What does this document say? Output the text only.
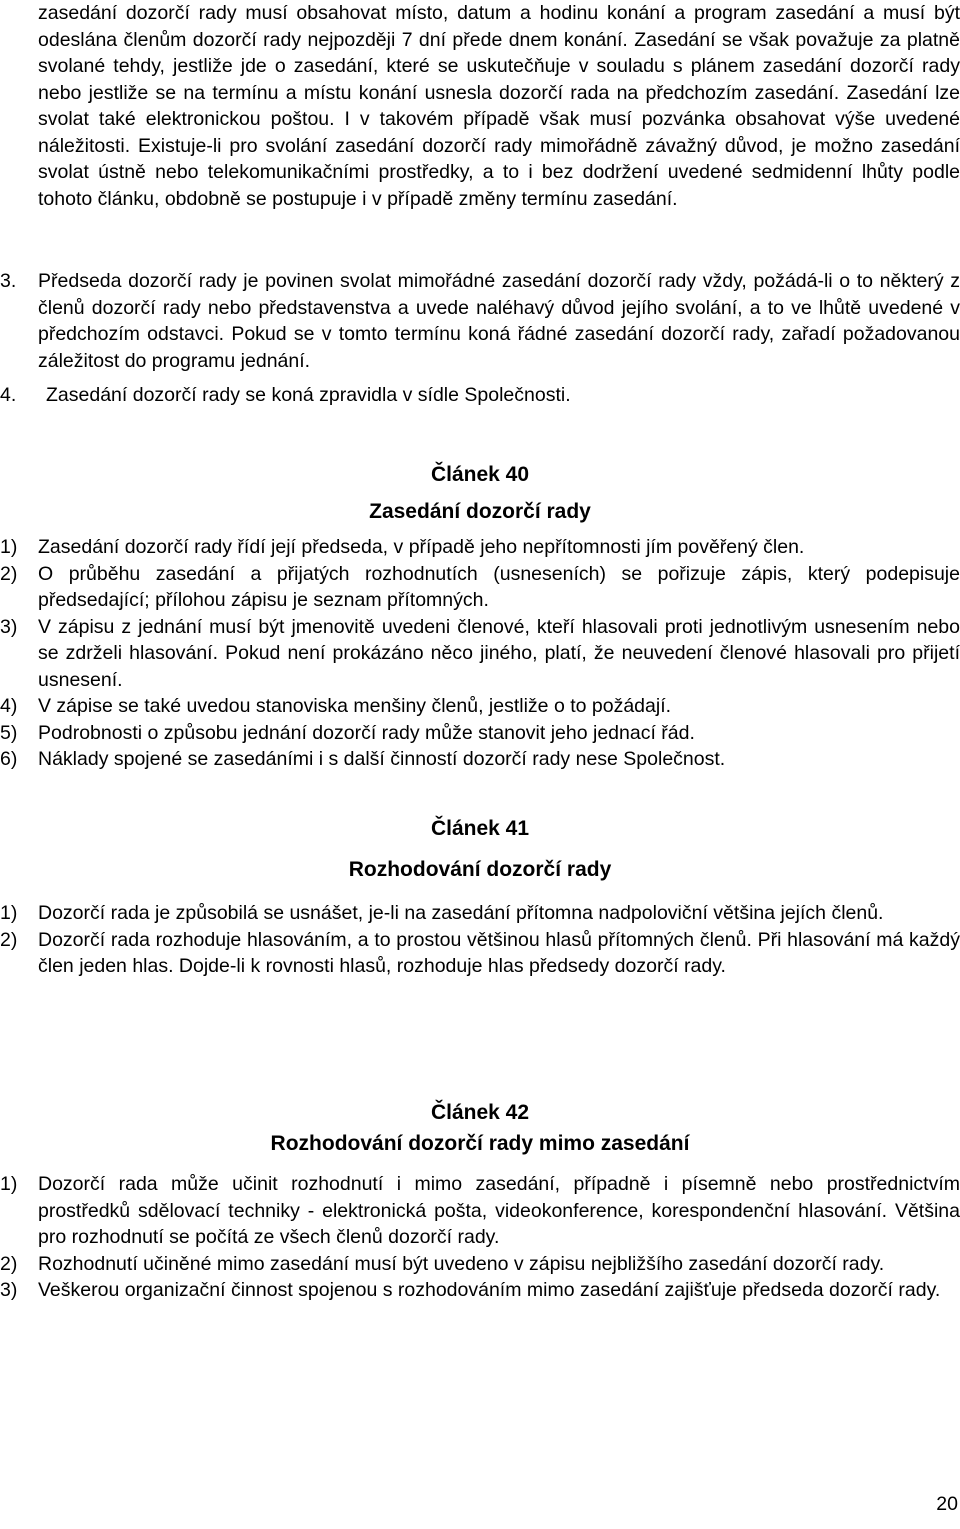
zasedání dozorčí rady musí obsahovat místo, datum a hodinu konání a program zasedání a musí být odeslána členům dozorčí rady nejpozději 7 dní přede dnem konání. Zasedání se však považuje za platně svolané tehdy, jestliže jde o zasedání, které se uskutečňuje v souladu s plánem zasedání dozorčí rady nebo jestliže se na termínu a místu konání usnesla dozorčí rada na předchozím zasedání. Zasedání lze svolat také elektronickou poštou. I v takovém případě však musí pozvánka obsahovat výše uvedené náležitosti. Existuje-li pro svolání zasedání dozorčí rady mimořádně závažný důvod, je možno zasedání svolat ústně nebo telekomunikačními prostředky, a to i bez dodržení uvedené sedmidenní lhůty podle tohoto článku, obdobně se postupuje i v případě změny termínu zasedání.

3. Předseda dozorčí rady je povinen svolat mimořádné zasedání dozorčí rady vždy, požádá-li o to některý z členů dozorčí rady nebo představenstva a uvede naléhavý důvod jejího svolání, a to ve lhůtě uvedené v předchozím odstavci. Pokud se v tomto termínu koná řádné zasedání dozorčí rady, zařadí požadovanou záležitost do programu jednání.

4. Zasedání dozorčí rady se koná zpravidla v sídle Společnosti.

Článek 40
Zasedání dozorčí rady
1) Zasedání dozorčí rady řídí její předseda, v případě jeho nepřítomnosti jím pověřený člen.

2) O průběhu zasedání a přijatých rozhodnutích (usneseních) se pořizuje zápis, který podepisuje předsedající; přílohou zápisu je seznam přítomných.

3) V zápisu z jednání musí být jmenovitě uvedeni členové, kteří hlasovali proti jednotlivým usnesením nebo se zdrželi hlasování. Pokud není prokázáno něco jiného, platí, že neuvedení členové hlasovali pro přijetí usnesení.

4) V zápise se také uvedou stanoviska menšiny členů, jestliže o to požádají.

5) Podrobnosti o způsobu jednání dozorčí rady může stanovit jeho jednací řád.

6) Náklady spojené se zasedáními i s další činností dozorčí rady nese Společnost.

Článek 41
Rozhodování dozorčí rady
1) Dozorčí rada je způsobilá se usnášet, je-li na zasedání přítomna nadpoloviční většina jejích členů.

2) Dozorčí rada rozhoduje hlasováním, a to prostou většinou hlasů přítomných členů. Při hlasování má každý člen jeden hlas. Dojde-li k rovnosti hlasů, rozhoduje hlas předsedy dozorčí rady.

Článek 42
Rozhodování dozorčí rady mimo zasedání
1) Dozorčí rada může učinit rozhodnutí i mimo zasedání, případně i písemně nebo prostřednictvím prostředků sdělovací techniky - elektronická pošta, videokonference, korespondenční hlasování. Většina pro rozhodnutí se počítá ze všech členů dozorčí rady.

2) Rozhodnutí učiněné mimo zasedání musí být uvedeno v zápisu nejbližšího zasedání dozorčí rady.

3) Veškerou organizační činnost spojenou s rozhodováním mimo zasedání zajišťuje předseda dozorčí rady.

20
